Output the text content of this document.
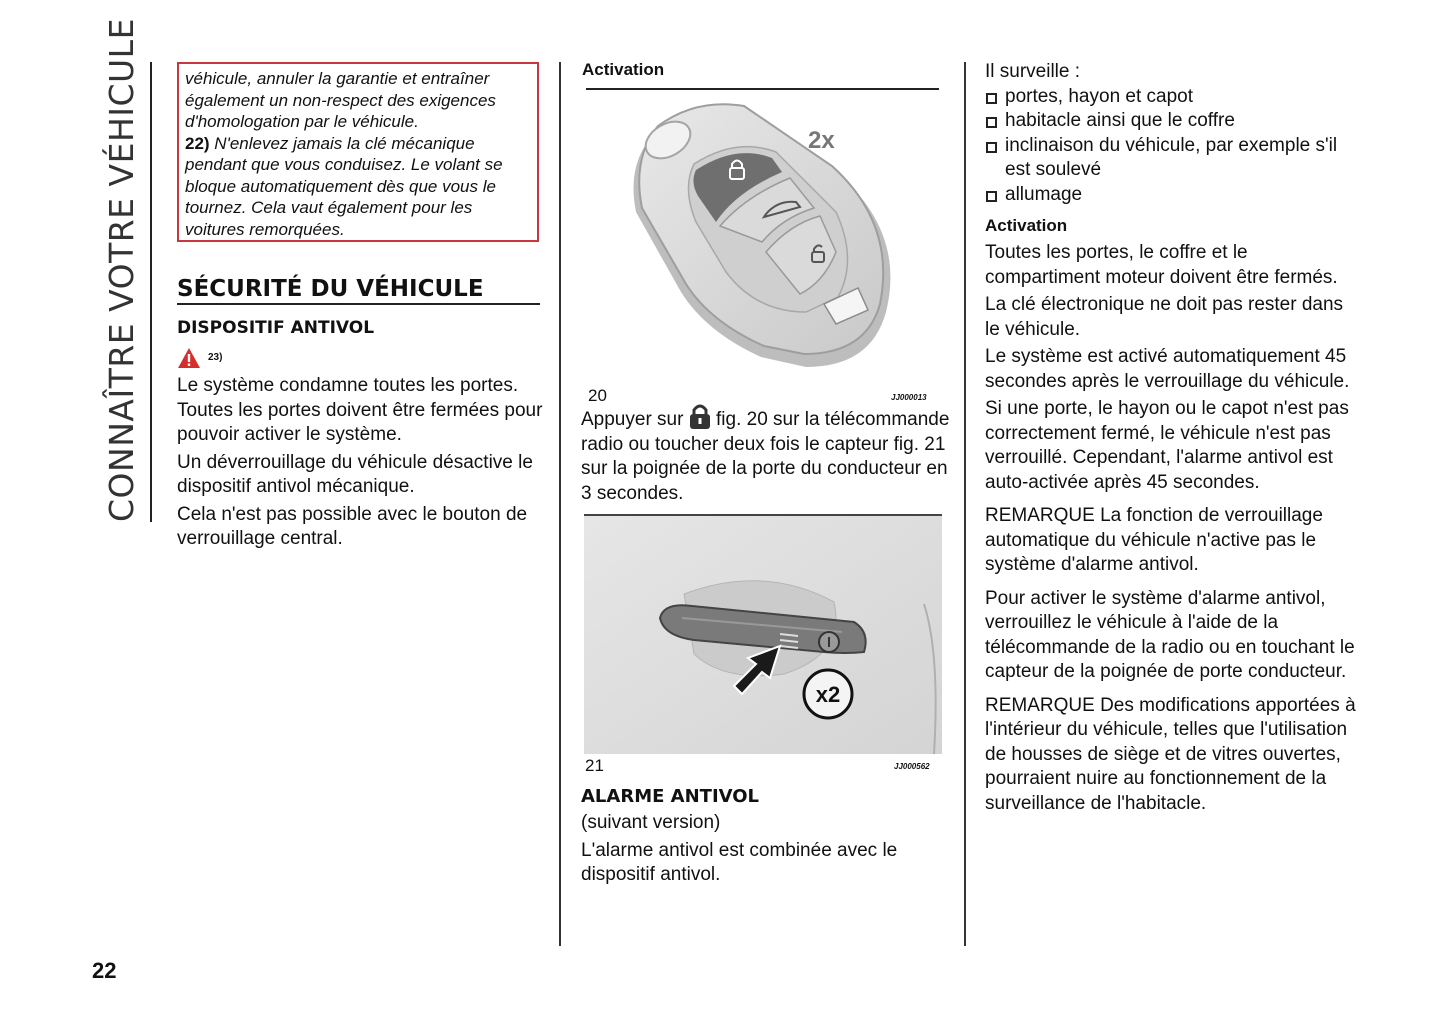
CONNAÎTRE VOTRE VÉHICULE	véhicule, annuler la garantie et entraîner également un non-respect des exigences d'homologation par le véhicule.

22) N'enlevez jamais la clé mécanique pendant que vous conduisez. Le volant se bloque automatiquement dès que vous le tournez. Cela vaut également pour les voitures remorquées.

SÉCURITÉ DU VÉHICULE
DISPOSITIF ANTIVOL
23)

Le système condamne toutes les portes. Toutes les portes doivent être fermées pour pouvoir activer le système.

Un déverrouillage du véhicule désactive le dispositif antivol mécanique.

Cela n'est pas possible avec le bouton de verrouillage central.

Activation
2x
20	JJ000013

Appuyer sur  fig. 20 sur la télécommande radio ou toucher deux fois le capteur fig. 21 sur la poignée de la porte du conducteur en 3 secondes.

x2
21	JJ000562
ALARME ANTIVOL

(suivant version)

L'alarme antivol est combinée avec le dispositif antivol.

Il surveille :

portes, hayon et capot
habitacle ainsi que le coffre
inclinaison du véhicule, par exemple s'il est soulevé
allumage
Activation

Toutes les portes, le coffre et le compartiment moteur doivent être fermés.

La clé électronique ne doit pas rester dans le véhicule.

Le système est activé automatiquement 45 secondes après le verrouillage du véhicule.

Si une porte, le hayon ou le capot n'est pas correctement fermé, le véhicule n'est pas verrouillé. Cependant, l'alarme antivol est auto-activée après 45 secondes.

REMARQUE La fonction de verrouillage automatique du véhicule n'active pas le système d'alarme antivol.

Pour activer le système d'alarme antivol, verrouillez le véhicule à l'aide de la télécommande de la radio ou en touchant le capteur de la poignée de porte conducteur.

REMARQUE Des modifications apportées à l'intérieur du véhicule, telles que l'utilisation de housses de siège et de vitres ouvertes, pourraient nuire au fonctionnement de la surveillance de l'habitacle.

22
